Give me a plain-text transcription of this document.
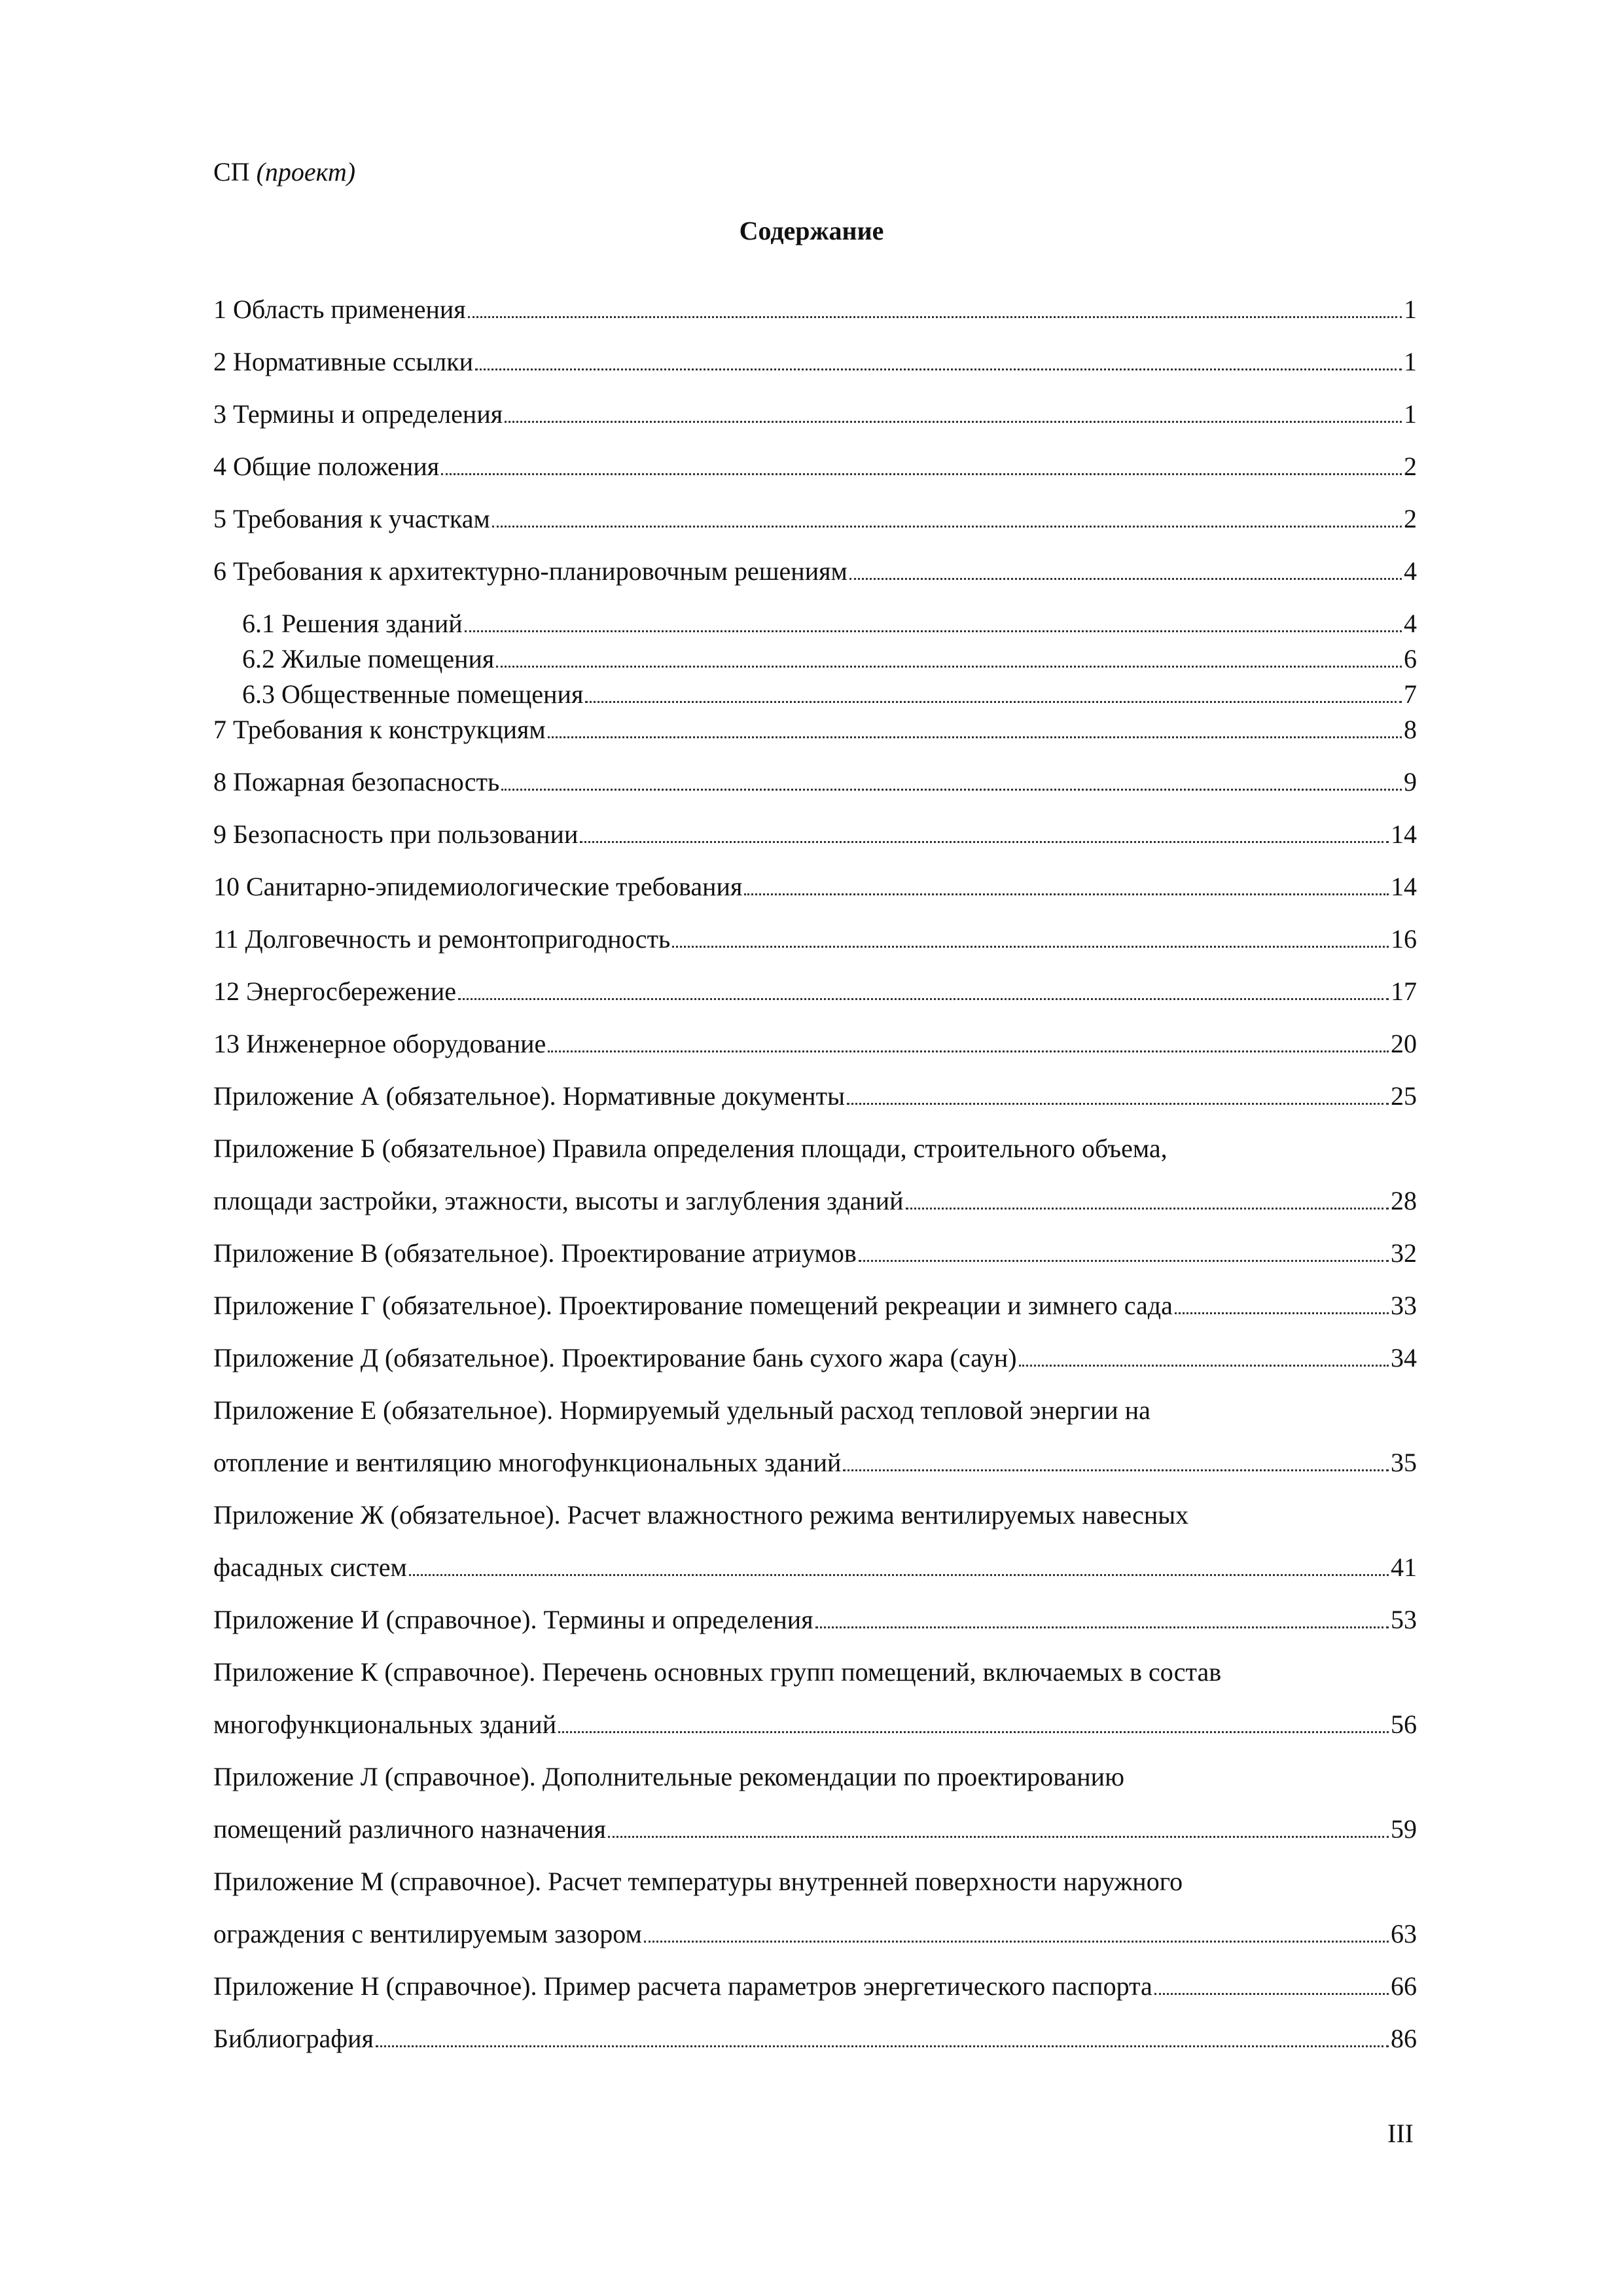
СП (проект)
Содержание
1 Область применения	1
2 Нормативные ссылки	1
3 Термины и определения	1
4 Общие положения	2
5 Требования к участкам	2
6 Требования к архитектурно-планировочным решениям	4
6.1 Решения зданий	4
6.2 Жилые помещения	6
6.3 Общественные помещения	7
7 Требования к конструкциям	8
8 Пожарная безопасность	9
9 Безопасность при пользовании	14
10 Санитарно-эпидемиологические требования	14
11 Долговечность и ремонтопригодность	16
12 Энергосбережение	17
13 Инженерное оборудование	20
Приложение А (обязательное). Нормативные документы	25
Приложение Б (обязательное) Правила определения площади, строительного объема,
площади застройки, этажности, высоты и заглубления зданий	28
Приложение В (обязательное). Проектирование атриумов	32
Приложение Г (обязательное). Проектирование помещений рекреации и зимнего сада	33
Приложение Д (обязательное). Проектирование бань сухого жара (саун)	34
Приложение Е (обязательное). Нормируемый удельный расход тепловой энергии на
отопление и вентиляцию многофункциональных зданий	35
Приложение Ж (обязательное). Расчет влажностного режима вентилируемых навесных
фасадных систем	41
Приложение И (справочное). Термины и определения	53
Приложение К (справочное). Перечень основных групп помещений, включаемых в состав
многофункциональных зданий	56
Приложение Л (справочное). Дополнительные рекомендации по проектированию
помещений различного назначения	59
Приложение М (справочное). Расчет температуры внутренней поверхности наружного
ограждения с вентилируемым зазором	63
Приложение Н (справочное). Пример расчета параметров энергетического паспорта	66
Библиография	86
III
